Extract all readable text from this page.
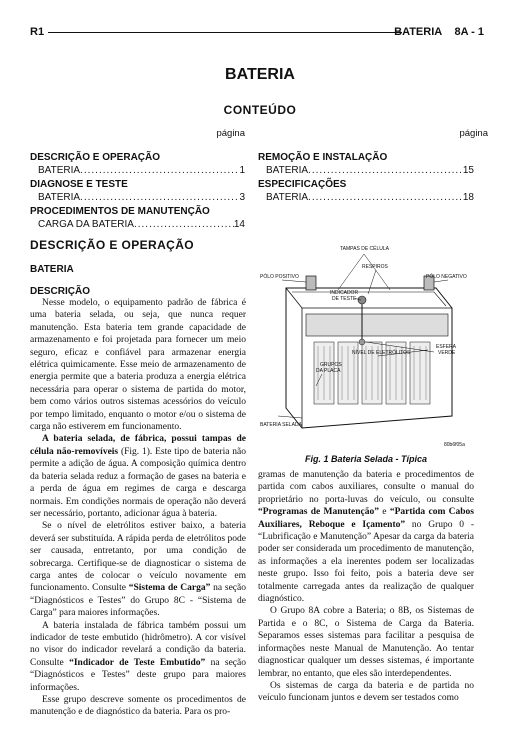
R1	BATERIA 8A - 1
BATERIA
CONTEÚDO
página	página
DESCRIÇÃO E OPERAÇÃO
BATERIA .....	1
DIAGNOSE E TESTE
BATERIA .....	3
PROCEDIMENTOS DE MANUTENÇÃO
CARGA DA BATERIA .....	14
REMOÇÃO E INSTALAÇÃO
BATERIA .....	15
ESPECIFICAÇÕES
BATERIA .....	18
DESCRIÇÃO E OPERAÇÃO
BATERIA
DESCRIÇÃO

Nesse modelo, o equipamento padrão de fábrica é uma bateria selada, ou seja, que nunca requer manutenção. Esta bateria tem grande capacidade de armazenamento e foi projetada para fornecer um meio seguro, eficaz e confiável para armazenar energia elétrica quimicamente. Esse meio de armazenamento de energia permite que a bateria produza a energia elétrica necessária para operar o sistema de partida do motor, bem como vários outros sistemas acessórios do veículo por tempo limitado, enquanto o motor e/ou o sistema de carga não estiverem em funcionamento.

A bateria selada, de fábrica, possui tampas de célula não-removíveis (Fig. 1). Este tipo de bateria não permite a adição de água. A composição química dentro da bateria selada reduz a formação de gases na bateria e a perda de água em regimes de carga e descarga normais. Em condições normais de operação não deverá ser necessário, portanto, adicionar água à bateria.

Se o nível de eletrólitos estiver baixo, a bateria deverá ser substituída. A rápida perda de eletrólitos pode ser causada, entretanto, por uma condição de sobrecarga. Certifique-se de diagnosticar o sistema de carga antes de colocar o veículo novamente em funcionamento. Consulte “Sistema de Carga” na seção “Diagnósticos e Testes” do Grupo 8C - “Sistema de Carga” para maiores informações.

A bateria instalada de fábrica também possui um indicador de teste embutido (hidrômetro). A cor visível no visor do indicador revelará a condição da bateria. Consulte “Indicador de Teste Embutido” na seção “Diagnósticos e Testes” deste grupo para maiores informações.

Esse grupo descreve somente os procedimentos de manutenção e de diagnóstico da bateria. Para os pro-

TAMPAS DE CÉLULA
RESPIROS
PÓLO POSITIVO	PÓLO NEGATIVO
INDICADOR
DE TESTE
NÍVEL DE ELETRÓLITOS
ESFERA
VERDE
GRUPOS
DA PLACA
BATERIA SELADA
80b6f05a
Fig. 1 Bateria Selada - Típica

gramas de manutenção da bateria e procedimentos de partida com cabos auxiliares, consulte o manual do proprietário no porta-luvas do veículo, ou consulte “Programas de Manutenção” e “Partida com Cabos Auxiliares, Reboque e Içamento” no Grupo 0 - “Lubrificação e Manutenção” Apesar da carga da bateria poder ser considerada um procedimento de manutenção, as informações a ela inerentes podem ser localizadas neste grupo. Isso foi feito, pois a bateria deve ser totalmente carregada antes da realização de qualquer diagnóstico.

O Grupo 8A cobre a Bateria; o 8B, os Sistemas de Partida e o 8C, o Sistema de Carga da Bateria. Separamos esses sistemas para facilitar a pesquisa de informações neste Manual de Manutenção. Ao tentar diagnosticar qualquer um desses sistemas, é importante lembrar, no entanto, que eles são interdependentes.

Os sistemas de carga da bateria e de partida no veículo funcionam juntos e devem ser testados como
